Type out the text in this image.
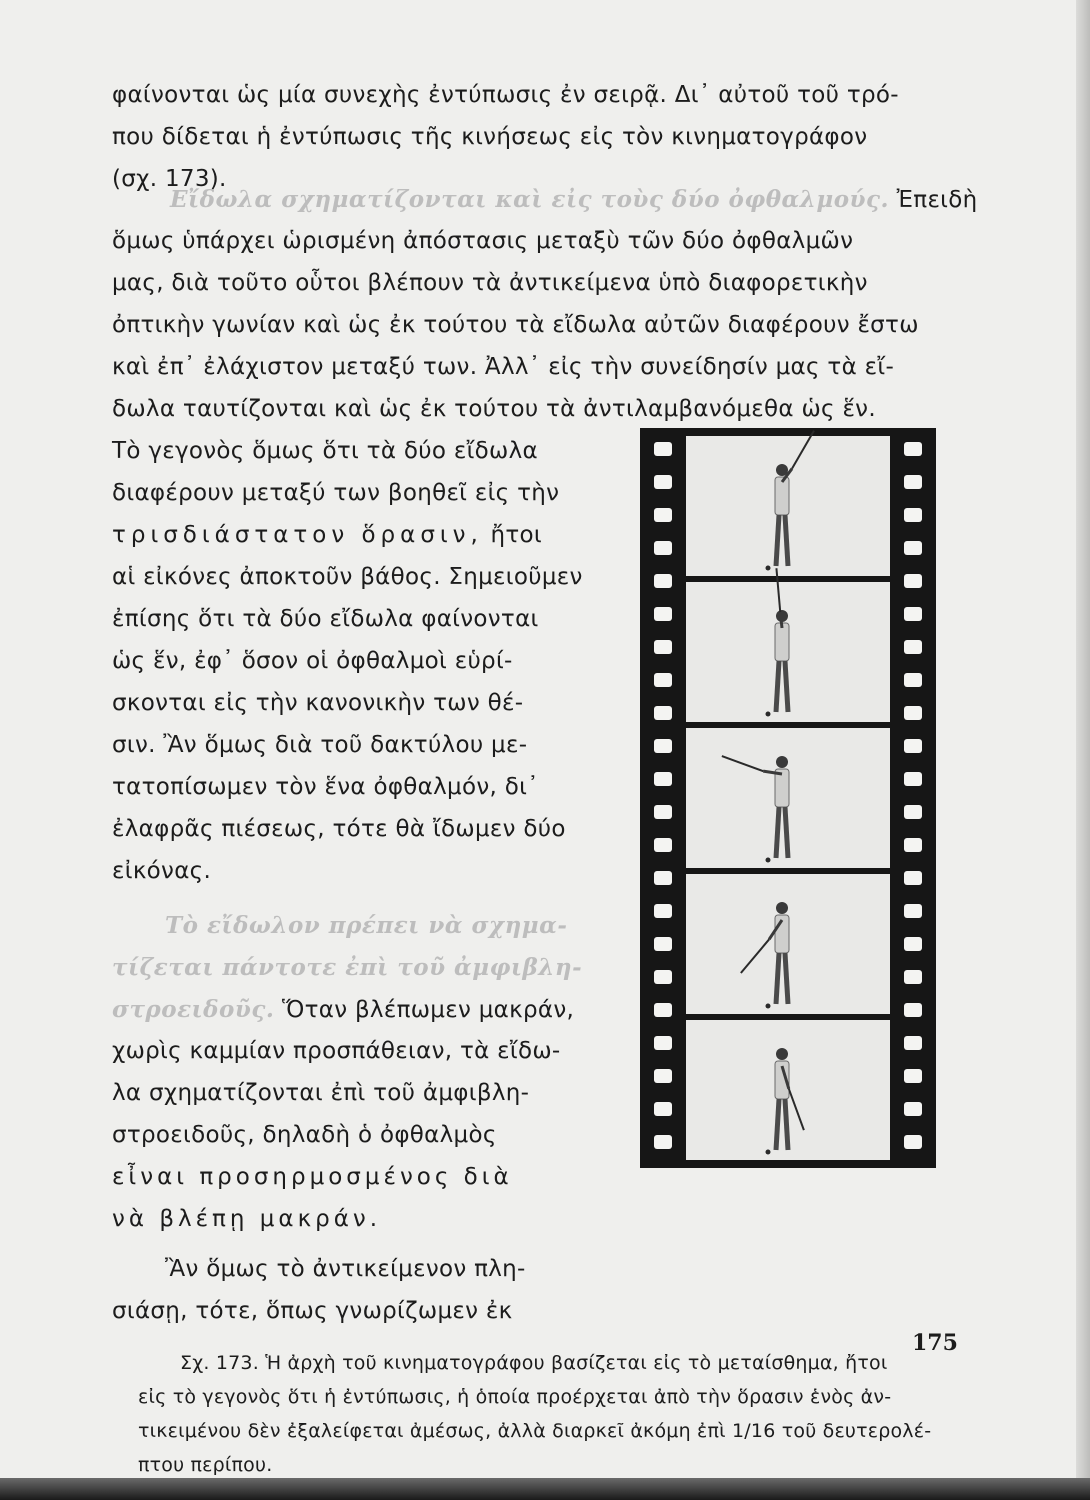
φαίνονται ὡς μία συνεχὴς ἐντύπωσις ἐν σειρᾷ. Δι᾽ αὐτοῦ τοῦ τρό-

που δίδεται ἡ ἐντύπωσις τῆς κινήσεως εἰς τὸν κινηματογράφον

(σχ. 173).

Εἴδωλα σχηματίζονται καὶ εἰς τοὺς δύο ὀφθαλμούς. Ἐπειδὴ

ὅμως ὑπάρχει ὡρισμένη ἀπόστασις μεταξὺ τῶν δύο ὀφθαλμῶν

μας, διὰ τοῦτο οὗτοι βλέπουν τὰ ἀντικείμενα ὑπὸ διαφορετικὴν

ὀπτικὴν γωνίαν καὶ ὡς ἐκ τούτου τὰ εἴδωλα αὐτῶν διαφέρουν ἔστω

καὶ ἐπ᾽ ἐλάχιστον μεταξύ των. Ἀλλ᾽ εἰς τὴν συνείδησίν μας τὰ εἴ-

δωλα ταυτίζονται καὶ ὡς ἐκ τούτου τὰ ἀντιλαμβανόμεθα ὡς ἕν.

Τὸ γεγονὸς ὅμως ὅτι τὰ δύο εἴδωλα

διαφέρουν μεταξύ των βοηθεῖ εἰς τὴν

τρισδιάστατον ὅρασιν, ἤτοι

αἱ εἰκόνες ἀποκτοῦν βάθος. Σημειοῦμεν

ἐπίσης ὅτι τὰ δύο εἴδωλα φαίνονται

ὡς ἕν, ἐφ᾽ ὅσον οἱ ὀφθαλμοὶ εὑρί-

σκονται εἰς τὴν κανονικὴν των θέ-

σιν. Ἂν ὅμως διὰ τοῦ δακτύλου με-

τατοπίσωμεν τὸν ἕνα ὀφθαλμόν, δι᾽

ἐλαφρᾶς πιέσεως, τότε θὰ ἴδωμεν δύο

εἰκόνας.

Τὸ εἴδωλον πρέπει νὰ σχημα-

τίζεται πάντοτε ἐπὶ τοῦ ἀμφιβλη-

στροειδοῦς. Ὅταν βλέπωμεν μακράν,

χωρὶς καμμίαν προσπάθειαν, τὰ εἴδω-

λα σχηματίζονται ἐπὶ τοῦ ἀμφιβλη-

στροειδοῦς, δηλαδὴ ὁ ὀφθαλμὸς

εἶναι προσηρμοσμένος διὰ

νὰ βλέπῃ μακράν.

Ἂν ὅμως τὸ ἀντικείμενον πλη-

σιάσῃ, τότε, ὅπως γνωρίζωμεν ἐκ

Σχ. 173. Ἡ ἀρχὴ τοῦ κινηματογράφου βασίζεται εἰς τὸ μεταίσθημα, ἤτοι

εἰς τὸ γεγονὸς ὅτι ἡ ἐντύπωσις, ἡ ὁποία προέρχεται ἀπὸ τὴν ὅρασιν ἑνὸς ἀν-

τικειμένου δὲν ἐξαλείφεται ἀμέσως, ἀλλὰ διαρκεῖ ἀκόμη ἐπὶ 1/16 τοῦ δευτερολέ-

πτου περίπου.

175
